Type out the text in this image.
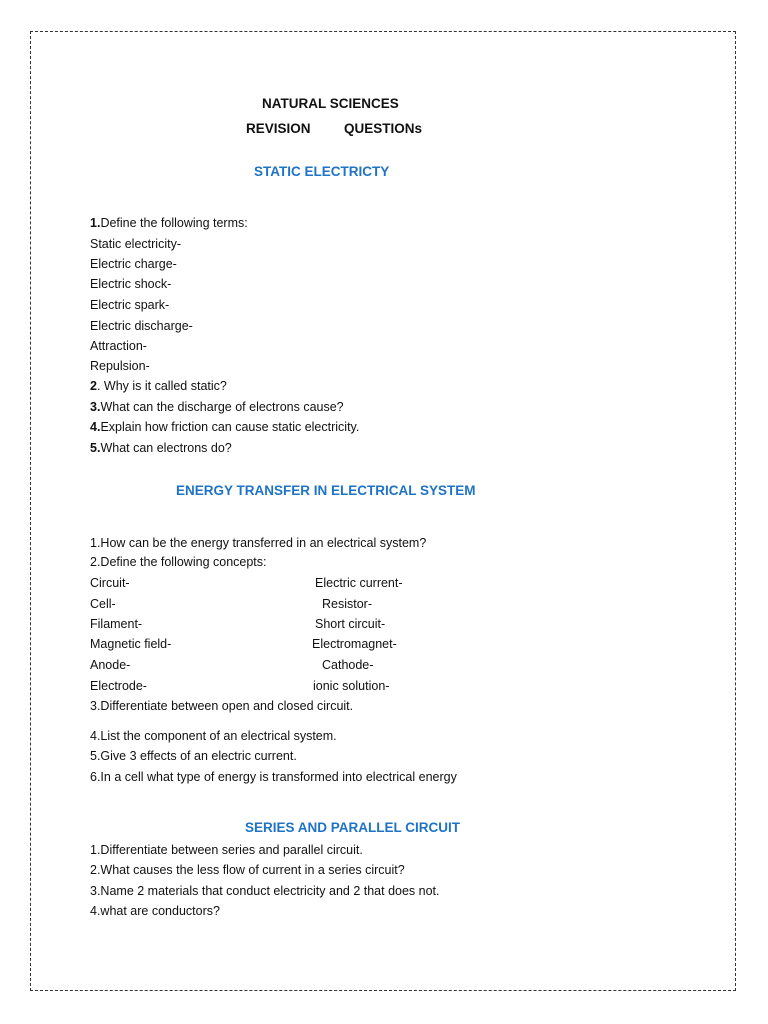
NATURAL SCIENCES
REVISION QUESTIONs
STATIC ELECTRICTY
1.Define the following terms:
Static electricity-
Electric charge-
Electric shock-
Electric spark-
Electric discharge-
Attraction-
Repulsion-
2. Why is it called static?
3.What can the discharge of electrons cause?
4.Explain how friction can cause static electricity.
5.What can electrons do?
ENERGY TRANSFER IN ELECTRICAL SYSTEM
1.How can be the energy transferred in an electrical system?
2.Define the following concepts:
Circuit-	Electric current-
Cell-	Resistor-
Filament-	Short circuit-
Magnetic field-	Electromagnet-
Anode-	Cathode-
Electrode-	ionic solution-
3.Differentiate between open and closed circuit.
4.List the component of an electrical system.
5.Give 3 effects of an electric current.
6.In a cell what type of energy is transformed into electrical energy
SERIES AND PARALLEL CIRCUIT
1.Differentiate between series and parallel circuit.
2.What causes the less flow of current in a series circuit?
3.Name 2 materials that conduct electricity and 2 that does not.
4.what are conductors?
